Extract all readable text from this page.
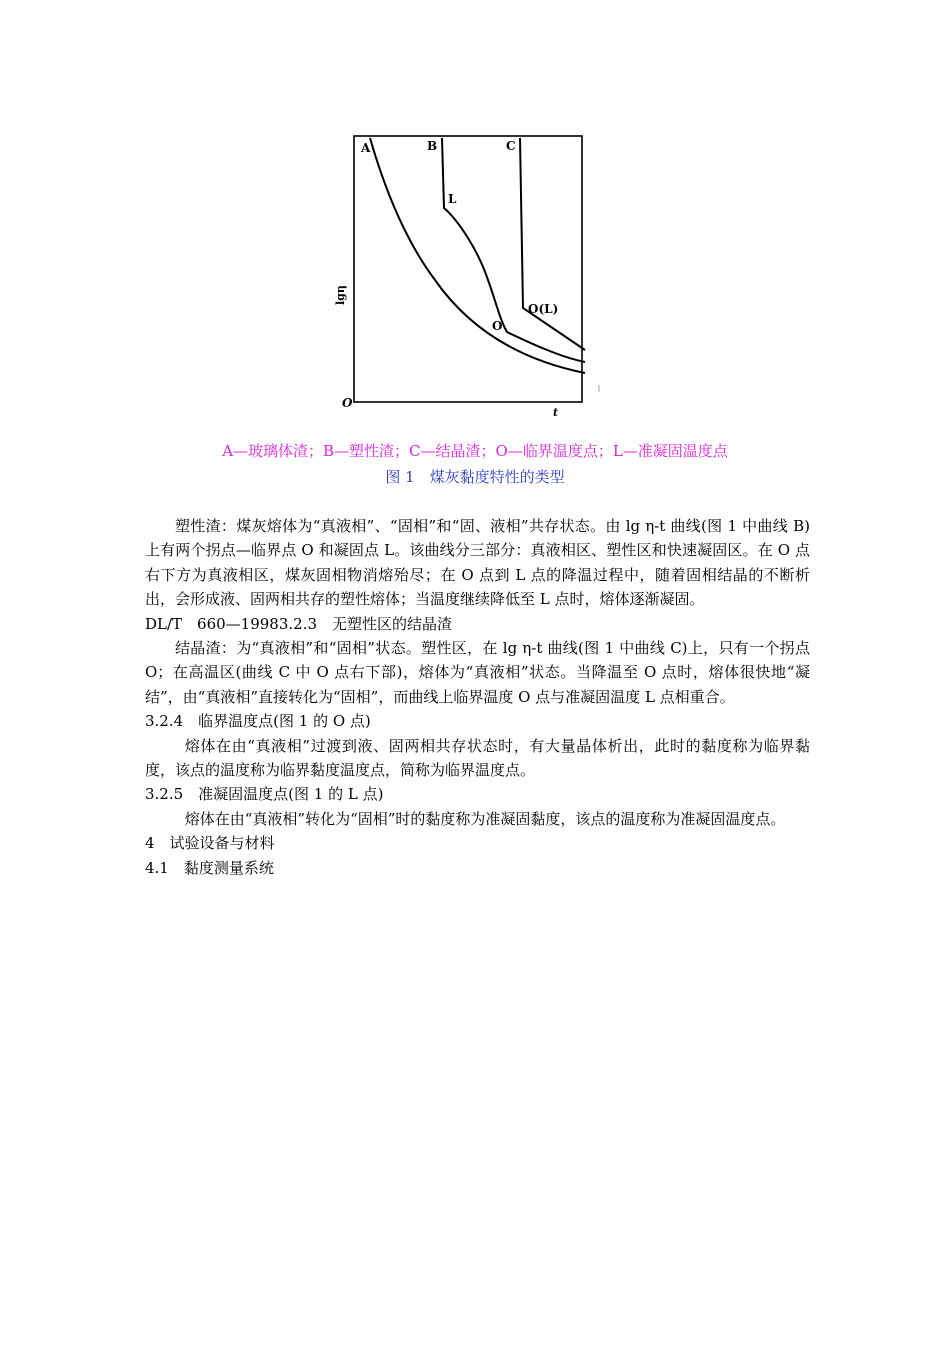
A	B	C
L
O
O(L)
O
t
lgη
A—玻璃体渣；B—塑性渣；C—结晶渣；O—临界温度点；L—准凝固温度点
图 1　煤灰黏度特性的类型

塑性渣：煤灰熔体为“真液相”、“固相”和“固、液相”共存状态。由 lg η-t 曲线(图 1 中曲线 B)上有两个拐点—临界点 O 和凝固点 L。该曲线分三部分：真液相区、塑性区和快速凝固区。在 O 点右下方为真液相区，煤灰固相物消熔殆尽；在 O 点到 L 点的降温过程中，随着固相结晶的不断析出，会形成液、固两相共存的塑性熔体；当温度继续降低至 L 点时，熔体逐渐凝固。

DL/T　660—19983.2.3　无塑性区的结晶渣

结晶渣：为“真液相”和“固相”状态。塑性区，在 lg η-t 曲线(图 1 中曲线 C)上，只有一个拐点 O；在高温区(曲线 C 中 O 点右下部)，熔体为“真液相”状态。当降温至 O 点时，熔体很快地“凝结”，由“真液相”直接转化为“固相”，而曲线上临界温度 O 点与准凝固温度 L 点相重合。

3.2.4　临界温度点(图 1 的 O 点)

熔体在由“真液相”过渡到液、固两相共存状态时，有大量晶体析出，此时的黏度称为临界黏度，该点的温度称为临界黏度温度点，简称为临界温度点。

3.2.5　准凝固温度点(图 1 的 L 点)

熔体在由“真液相”转化为“固相”时的黏度称为准凝固黏度，该点的温度称为准凝固温度点。

4　试验设备与材料

4.1　黏度测量系统
